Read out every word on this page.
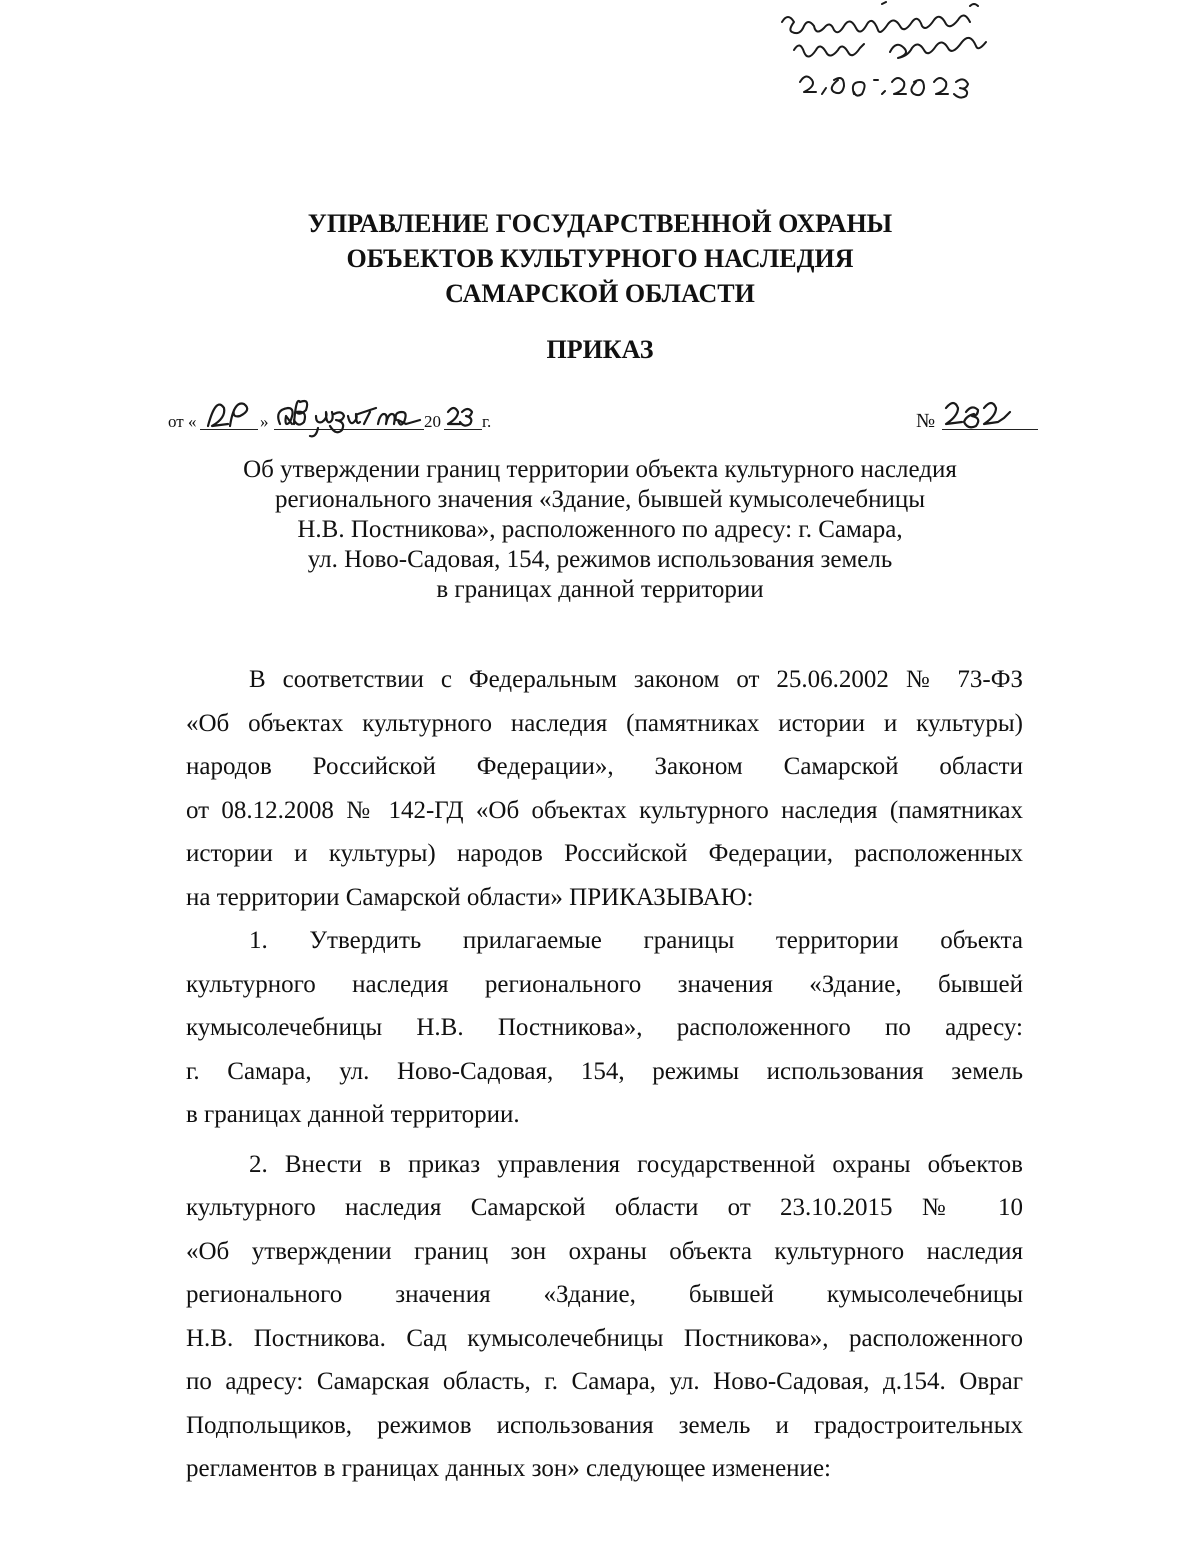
УПРАВЛЕНИЕ ГОСУДАРСТВЕННОЙ ОХРАНЫ
ОБЪЕКТОВ КУЛЬТУРНОГО НАСЛЕДИЯ
САМАРСКОЙ ОБЛАСТИ
ПРИКАЗ
от «	»	20 г.	№
Об утверждении границ территории объекта культурного наследия
регионального значения «Здание, бывшей кумысолечебницы
Н.В. Постникова», расположенного по адресу: г. Самара,
ул. Ново-Садовая, 154, режимов использования земель
в границах данной территории
В соответствии с Федеральным законом от 25.06.2002 № 73-ФЗ
«Об объектах культурного наследия (памятниках истории и культуры)
народов Российской Федерации», Законом Самарской области
от 08.12.2008 № 142-ГД «Об объектах культурного наследия (памятниках
истории и культуры) народов Российской Федерации, расположенных
на территории Самарской области» ПРИКАЗЫВАЮ:
1. Утвердить прилагаемые границы территории объекта
культурного наследия регионального значения «Здание, бывшей
кумысолечебницы Н.В. Постникова», расположенного по адресу:
г. Самара, ул. Ново-Садовая, 154, режимы использования земель
в границах данной территории.
2. Внести в приказ управления государственной охраны объектов
культурного наследия Самарской области от 23.10.2015 № 10
«Об утверждении границ зон охраны объекта культурного наследия
регионального значения «Здание, бывшей кумысолечебницы
Н.В. Постникова. Сад кумысолечебницы Постникова», расположенного
по адресу: Самарская область, г. Самара, ул. Ново-Садовая, д.154. Овраг
Подпольщиков, режимов использования земель и градостроительных
регламентов в границах данных зон» следующее изменение:
